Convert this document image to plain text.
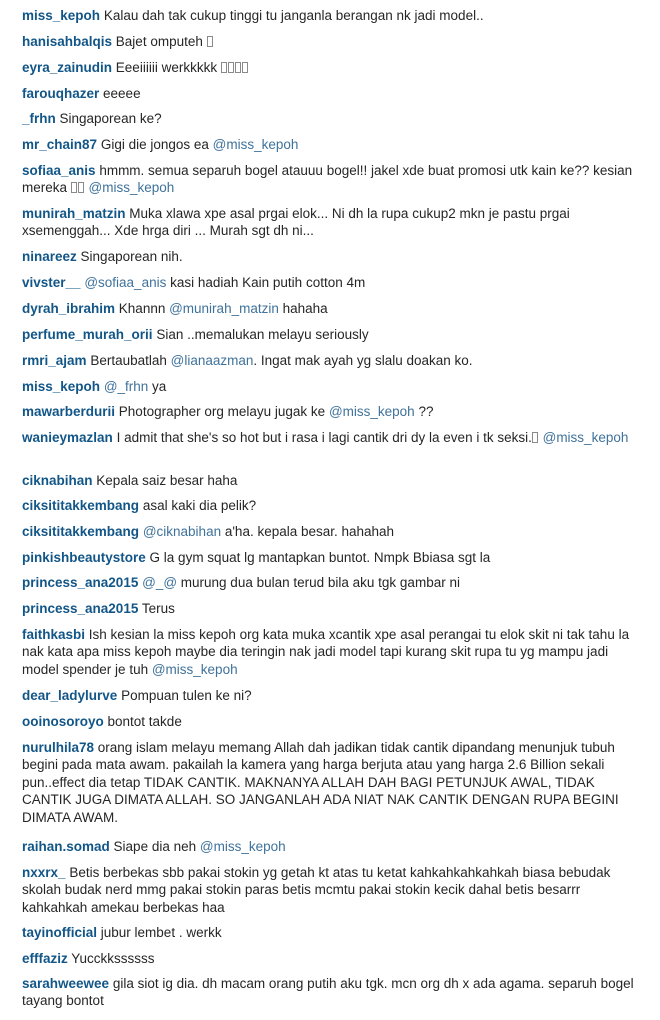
miss_kepoh Kalau dah tak cukup tinggi tu janganla berangan nk jadi model..
hanisahbalqis Bajet omputeh
eyra_zainudin Eeeiiiiii werkkkkk
farouqhazer eeeee
_frhn Singaporean ke?
mr_chain87 Gigi die jongos ea @miss_kepoh
sofiaa_anis hmmm. semua separuh bogel atauuu bogel!! jakel xde buat promosi utk kain ke?? kesian mereka  @miss_kepoh
munirah_matzin Muka xlawa xpe asal prgai elok... Ni dh la rupa cukup2 mkn je pastu prgai xsemenggah... Xde hrga diri ... Murah sgt dh ni...
ninareez Singaporean nih.
vivster__ @sofiaa_anis kasi hadiah Kain putih cotton 4m
dyrah_ibrahim Khannn @munirah_matzin hahaha
perfume_murah_orii Sian ..memalukan melayu seriously
rmri_ajam Bertaubatlah @lianaazman. Ingat mak ayah yg slalu doakan ko.
miss_kepoh @_frhn ya
mawarberdurii Photographer org melayu jugak ke @miss_kepoh ??
wanieymazlan I admit that she's so hot but i rasa i lagi cantik dri dy la even i tk seksi. @miss_kepoh
ciknabihan Kepala saiz besar haha
ciksititakkembang asal kaki dia pelik?
ciksititakkembang @ciknabihan a'ha. kepala besar. hahahah
pinkishbeautystore G la gym squat lg mantapkan buntot. Nmpk Bbiasa sgt la
princess_ana2015 @_@ murung dua bulan terud bila aku tgk gambar ni
princess_ana2015 Terus
faithkasbi Ish kesian la miss kepoh org kata muka xcantik xpe asal perangai tu elok skit ni tak tahu la nak kata apa miss kepoh maybe dia teringin nak jadi model tapi kurang skit rupa tu yg mampu jadi model spender je tuh @miss_kepoh
dear_ladylurve Pompuan tulen ke ni?
ooinosoroyo bontot takde
nurulhila78 orang islam melayu memang Allah dah jadikan tidak cantik dipandang menunjuk tubuh begini pada mata awam. pakailah la kamera yang harga berjuta atau yang harga 2.6 Billion sekali pun..effect dia tetap TIDAK CANTIK. MAKNANYA ALLAH DAH BAGI PETUNJUK AWAL, TIDAK CANTIK JUGA DIMATA ALLAH. SO JANGANLAH ADA NIAT NAK CANTIK DENGAN RUPA BEGINI DIMATA AWAM.
raihan.somad Siape dia neh @miss_kepoh
nxxrx_ Betis berbekas sbb pakai stokin yg getah kt atas tu ketat kahkahkahkahkah biasa bebudak skolah budak nerd mmg pakai stokin paras betis mcmtu pakai stokin kecik dahal betis besarrr kahkahkah amekau berbekas haa
tayinofficial jubur lembet . werkk
efffaziz Yucckkssssss
sarahweewee gila siot ig dia. dh macam orang putih aku tgk. mcn org dh x ada agama. separuh bogel tayang bontot
